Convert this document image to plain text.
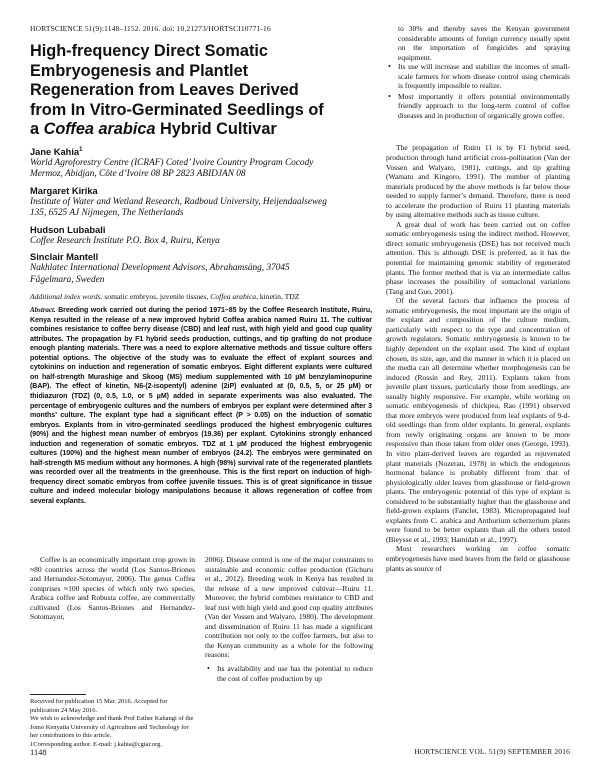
HORTSCIENCE 51(9):1148–1152. 2016. doi: 10.21273/HORTSCI10771-16
High-frequency Direct Somatic
Embryogenesis and Plantlet
Regeneration from Leaves Derived
from In Vitro-Germinated Seedlings of
a Coffea arabica Hybrid Cultivar
Jane Kahia$^1$
World Agroforestry Centre (ICRAF) Coted’ Ivoire Country Program Cocody
Mermoz, Abidjan, Côte d’Ivoire 08 BP 2823 ABIDJAN 08
Margaret Kirika
Institute of Water and Wetland Research, Radboud University, Heijendaalseweg
135, 6525 AJ Nijmegen, The Netherlands
Hudson Lubabali
Coffee Research Institute P.O. Box 4, Ruiru, Kenya
Sinclair Mantell
Nakhlatec International Development Advisors, Abrahamsäng, 37045
Fågelmara, Sweden
Additional index words. somatic embryos, juvenile tissues, Coffea arabica, kinetin, TDZ
Abstract. Breeding work carried out during the period 1971–85 by the Coffee Research Institute, Ruiru, Kenya resulted in the release of a new improved hybrid Coffea arabica named Ruiru 11. The cultivar combines resistance to coffee berry disease (CBD) and leaf rust, with high yield and good cup quality attributes. The propagation by F1 hybrid seeds production, cuttings, and tip grafting do not produce enough planting materials. There was a need to explore alternative methods and tissue culture offers potential options. The objective of the study was to evaluate the effect of explant sources and cytokinins on induction and regeneration of somatic embryos. Eight different explants were cultured on half-strength Murashige and Skoog (MS) medium supplemented with 10 µM benzylaminopurine (BAP). The effect of kinetin, N6-(2-isopentyl) adenine (2iP) evaluated at (0, 0.5, 5, or 25 µM) or thidiazuron (TDZ) (0, 0.5, 1.0, or 5 µM) added in separate experiments was also evaluated. The percentage of embryogenic cultures and the numbers of embryos per explant were determined after 3 months’ culture. The explant type had a significant effect (P > 0.05) on the induction of somatic embryos. Explants from in vitro-germinated seedlings produced the highest embryogenic cultures (90%) and the highest mean number of embryos (19.36) per explant. Cytokinins strongly enhanced induction and regeneration of somatic embryos. TDZ at 1 µM produced the highest embryogenic cultures (100%) and the highest mean number of embryos (24.2). The embryos were germinated on half-strength MS medium without any hormones. A high (98%) survival rate of the regenerated plantlets was recorded over all the treatments in the greenhouse. This is the first report on induction of high-frequency direct somatic embryos from coffee juvenile tissues. This is of great significance in tissue culture and indeed molecular biology manipulations because it allows regeneration of coffee from several explants.

Coffee is an economically important crop grown in ≈80 countries across the world (Los Santos-Briones and Hernandez-Sotomayor, 2006). The genus Coffea comprises ≈100 species of which only two species, Arabica coffee and Robusta coffee, are commercially cultivated (Los Santos-Briones and Hernandez-Sotomayor,

2006). Disease control is one of the major constraints to sustainable and economic coffee production (Gichuru et al., 2012). Breeding work in Kenya has resulted in the release of a new improved cultivar—Ruiru 11. Moreover, the hybrid combines resistance to CBD and leaf rust with high yield and good cup quality attributes (Van der Vossen and Walyaro, 1980). The development and dissemination of Ruiru 11 has made a significant contribution not only to the coffee farmers, but also to the Kenyan community as a whole for the following reasons:

• Its availability and use has the potential to reduce the cost of coffee production by up

Received for publication 15 Mar. 2016. Accepted for publication 24 May 2016.

We wish to acknowledge and thank Prof Esther Kahangi of the Jomo Kenyatta University of Agriculture and Technology for her contributions to this article.

1Corresponding author. E-mail: j.kahia@cgiar.org.

to 30% and thereby saves the Kenyan government considerable amounts of foreign currency usually spent on the importation of fungicides and spraying equipment.

• Its use will increase and stabilize the incomes of small-scale farmers for whom disease control using chemicals is frequently impossible to realize.
• Most importantly it offers potential environmentally friendly approach to the long-term control of coffee diseases and in production of organically grown coffee.

The propagation of Ruiru 11 is by F1 hybrid seed, production through hand artificial cross-pollination (Van der Vossen and Walyaro, 1981), cuttings, and tip grafting (Wamatu and Kingoro, 1991). The number of planting materials produced by the above methods is far below those needed to supply farmer’s demand. Therefore, there is need to accelerate the production of Ruiru 11 planting materials by using alternative methods such as tissue culture.

A great deal of work has been carried out on coffee somatic embryogenesis using the indirect method. However, direct somatic embryogenesis (DSE) has not received much attention. This is although DSE is preferred, as it has the potential for maintaining genomic stability of regenerated plants. The former method that is via an intermediate callus phase increases the possibility of somaclonal variations (Tang and Guo, 2001).

Of the several factors that influence the process of somatic embryogenesis, the most important are the origin of the explant and composition of the culture medium, particularly with respect to the type and concentration of growth regulators. Somatic embryogenesis is known to be highly dependent on the explant used. The kind of explant chosen, its size, age, and the manner in which it is placed on the media can all determine whether morphogenesis can be induced (Rossin and Rey, 2011). Explants taken from juvenile plant tissues, particularly those from seedlings, are usually highly responsive. For example, while working on somatic embryogenesis of chickpea, Rao (1991) observed that more embryos were produced from leaf explants of 9-d-old seedlings than from older explants. In general, explants from newly originating organs are known to be more responsive than those taken from older ones (George, 1993). In vitro plant-derived leaves are regarded as rejuvenated plant materials (Nozeran, 1978) in which the endogenous hormonal balance is probably different from that of physiologically older leaves from glasshouse or field-grown plants. The embryogenic potential of this type of explant is considered to be substantially higher than the glasshouse and field-grown explants (Fanclet, 1983). Micropropagated leaf explants from C. arabica and Anthurium scherzerium plants were found to be better explants than all the others tested (Bieysse et al., 1993; Hamidah et al., 1997).

Most researchers working on coffee somatic embryogenesis have used leaves from the field or glasshouse plants as source of

1148	HORTSCIENCE VOL. 51(9) SEPTEMBER 2016
